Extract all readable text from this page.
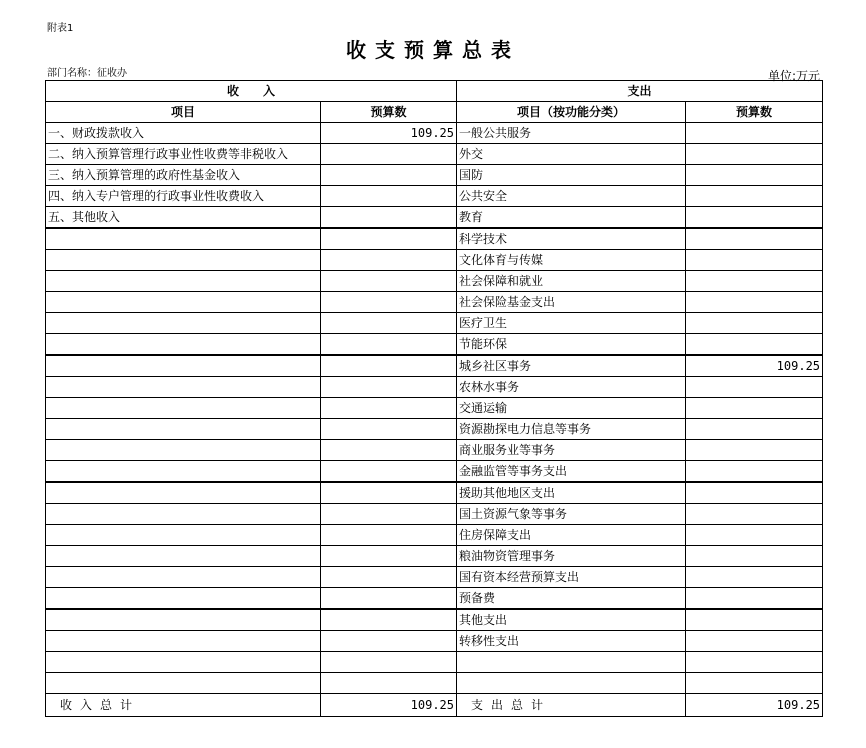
附表1
收支预算总表
部门名称：征收办	单位:万元
收　　入		支出	
项目	预算数	项目（按功能分类）	预算数
一、财政拨款收入	109.25	一般公共服务	
二、纳入预算管理行政事业性收费等非税收入		外交	
三、纳入预算管理的政府性基金收入		国防	
四、纳入专户管理的行政事业性收费收入		公共安全	
五、其他收入		教育	
		科学技术	
		文化体育与传媒	
		社会保障和就业	
		社会保险基金支出	
		医疗卫生	
		节能环保	
		城乡社区事务	109.25
		农林水事务	
		交通运输	
		资源勘探电力信息等事务	
		商业服务业等事务	
		金融监管等事务支出	
		援助其他地区支出	
		国土资源气象等事务	
		住房保障支出	
		粮油物资管理事务	
		国有资本经营预算支出	
		预备费	
		其他支出	
		转移性支出	

收入总计	109.25	支出总计	109.25
